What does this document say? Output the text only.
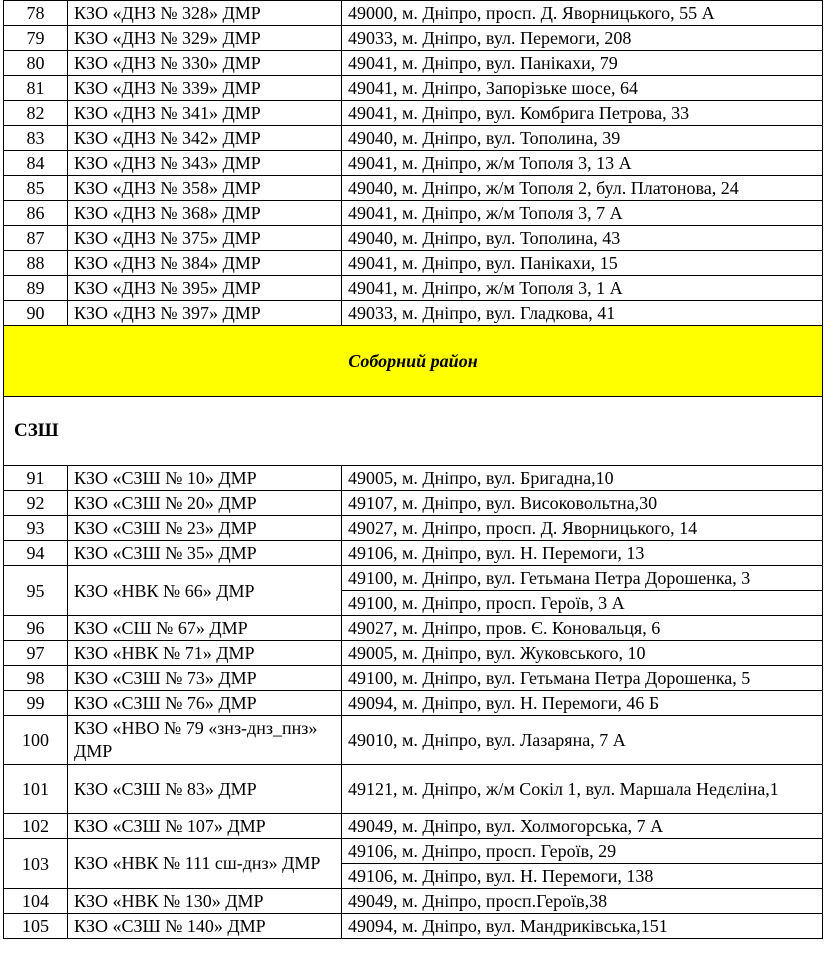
78	КЗО «ДНЗ № 328» ДМР	49000, м. Дніпро, просп. Д. Яворницького, 55 А
79	КЗО «ДНЗ № 329» ДМР	49033, м. Дніпро, вул. Перемоги, 208
80	КЗО «ДНЗ № 330» ДМР	49041, м. Дніпро, вул. Панікахи, 79
81	КЗО «ДНЗ № 339» ДМР	49041, м. Дніпро, Запорізьке шосе, 64
82	КЗО «ДНЗ № 341» ДМР	49041, м. Дніпро, вул. Комбрига Петрова, 33
83	КЗО «ДНЗ № 342» ДМР	49040, м. Дніпро, вул. Тополина, 39
84	КЗО «ДНЗ № 343» ДМР	49041, м. Дніпро, ж/м Тополя 3, 13 А
85	КЗО «ДНЗ № 358» ДМР	49040, м. Дніпро, ж/м Тополя 2, бул. Платонова, 24
86	КЗО «ДНЗ № 368» ДМР	49041, м. Дніпро, ж/м Тополя 3, 7 А
87	КЗО «ДНЗ № 375» ДМР	49040, м. Дніпро, вул. Тополина, 43
88	КЗО «ДНЗ № 384» ДМР	49041, м. Дніпро, вул. Панікахи, 15
89	КЗО «ДНЗ № 395» ДМР	49041, м. Дніпро, ж/м Тополя 3, 1 А
90	КЗО «ДНЗ № 397» ДМР	49033, м. Дніпро, вул. Гладкова, 41
Соборний район		
СЗШ		
91	КЗО «СЗШ № 10» ДМР	49005, м. Дніпро, вул. Бригадна,10
92	КЗО «СЗШ № 20» ДМР	49107, м. Дніпро, вул. Високовольтна,30
93	КЗО «СЗШ № 23» ДМР	49027, м. Дніпро, просп. Д. Яворницького, 14
94	КЗО «СЗШ № 35» ДМР	49106, м. Дніпро, вул. Н. Перемоги, 13
95	КЗО «НВК № 66» ДМР	49100, м. Дніпро, вул. Гетьмана Петра Дорошенка, 3
		49100, м. Дніпро, просп. Героїв, 3 А
96	КЗО «СШ № 67» ДМР	49027, м. Дніпро, пров. Є. Коновальця, 6
97	КЗО «НВК № 71» ДМР	49005, м. Дніпро, вул. Жуковського, 10
98	КЗО «СЗШ № 73» ДМР	49100, м. Дніпро, вул. Гетьмана Петра Дорошенка, 5
99	КЗО «СЗШ № 76» ДМР	49094, м. Дніпро, вул. Н. Перемоги, 46 Б
100	КЗО «НВО № 79 «знз-днз_пнз» ДМР	49010, м. Дніпро, вул. Лазаряна, 7 А
101	КЗО «СЗШ № 83» ДМР	49121, м. Дніпро, ж/м Сокіл 1, вул. Маршала Недєліна,1
102	КЗО «СЗШ № 107» ДМР	49049, м. Дніпро, вул. Холмогорська, 7 А
103	КЗО «НВК № 111 сш-днз» ДМР	49106, м. Дніпро, просп. Героїв, 29
		49106, м. Дніпро, вул. Н. Перемоги, 138
104	КЗО «НВК № 130» ДМР	49049, м. Дніпро, просп.Героїв,38
105	КЗО «СЗШ № 140» ДМР	49094, м. Дніпро, вул. Мандриківська,151
